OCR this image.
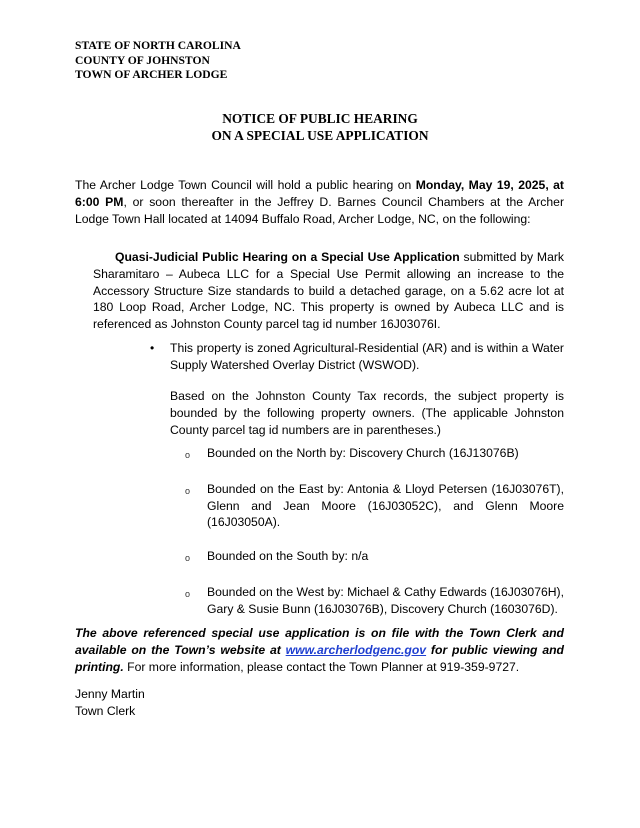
STATE OF NORTH CAROLINA
COUNTY OF JOHNSTON
TOWN OF ARCHER LODGE
NOTICE OF PUBLIC HEARING
ON A SPECIAL USE APPLICATION
The Archer Lodge Town Council will hold a public hearing on Monday, May 19, 2025, at 6:00 PM, or soon thereafter in the Jeffrey D. Barnes Council Chambers at the Archer Lodge Town Hall located at 14094 Buffalo Road, Archer Lodge, NC, on the following:
Quasi-Judicial Public Hearing on a Special Use Application submitted by Mark Sharamitaro – Aubeca LLC for a Special Use Permit allowing an increase to the Accessory Structure Size standards to build a detached garage, on a 5.62 acre lot at 180 Loop Road, Archer Lodge, NC. This property is owned by Aubeca LLC and is referenced as Johnston County parcel tag id number 16J03076I.
•	This property is zoned Agricultural-Residential (AR) and is within a Water Supply Watershed Overlay District (WSWOD).
Based on the Johnston County Tax records, the subject property is bounded by the following property owners. (The applicable Johnston County parcel tag id numbers are in parentheses.)
o	Bounded on the North by: Discovery Church (16J13076B)
o	Bounded on the East by: Antonia & Lloyd Petersen (16J03076T), Glenn and Jean Moore (16J03052C), and Glenn Moore (16J03050A).
o	Bounded on the South by: n/a
o	Bounded on the West by: Michael & Cathy Edwards (16J03076H), Gary & Susie Bunn (16J03076B), Discovery Church (1603076D).
The above referenced special use application is on file with the Town Clerk and available on the Town’s website at www.archerlodgenc.gov for public viewing and printing. For more information, please contact the Town Planner at 919-359-9727.
Jenny Martin
Town Clerk
